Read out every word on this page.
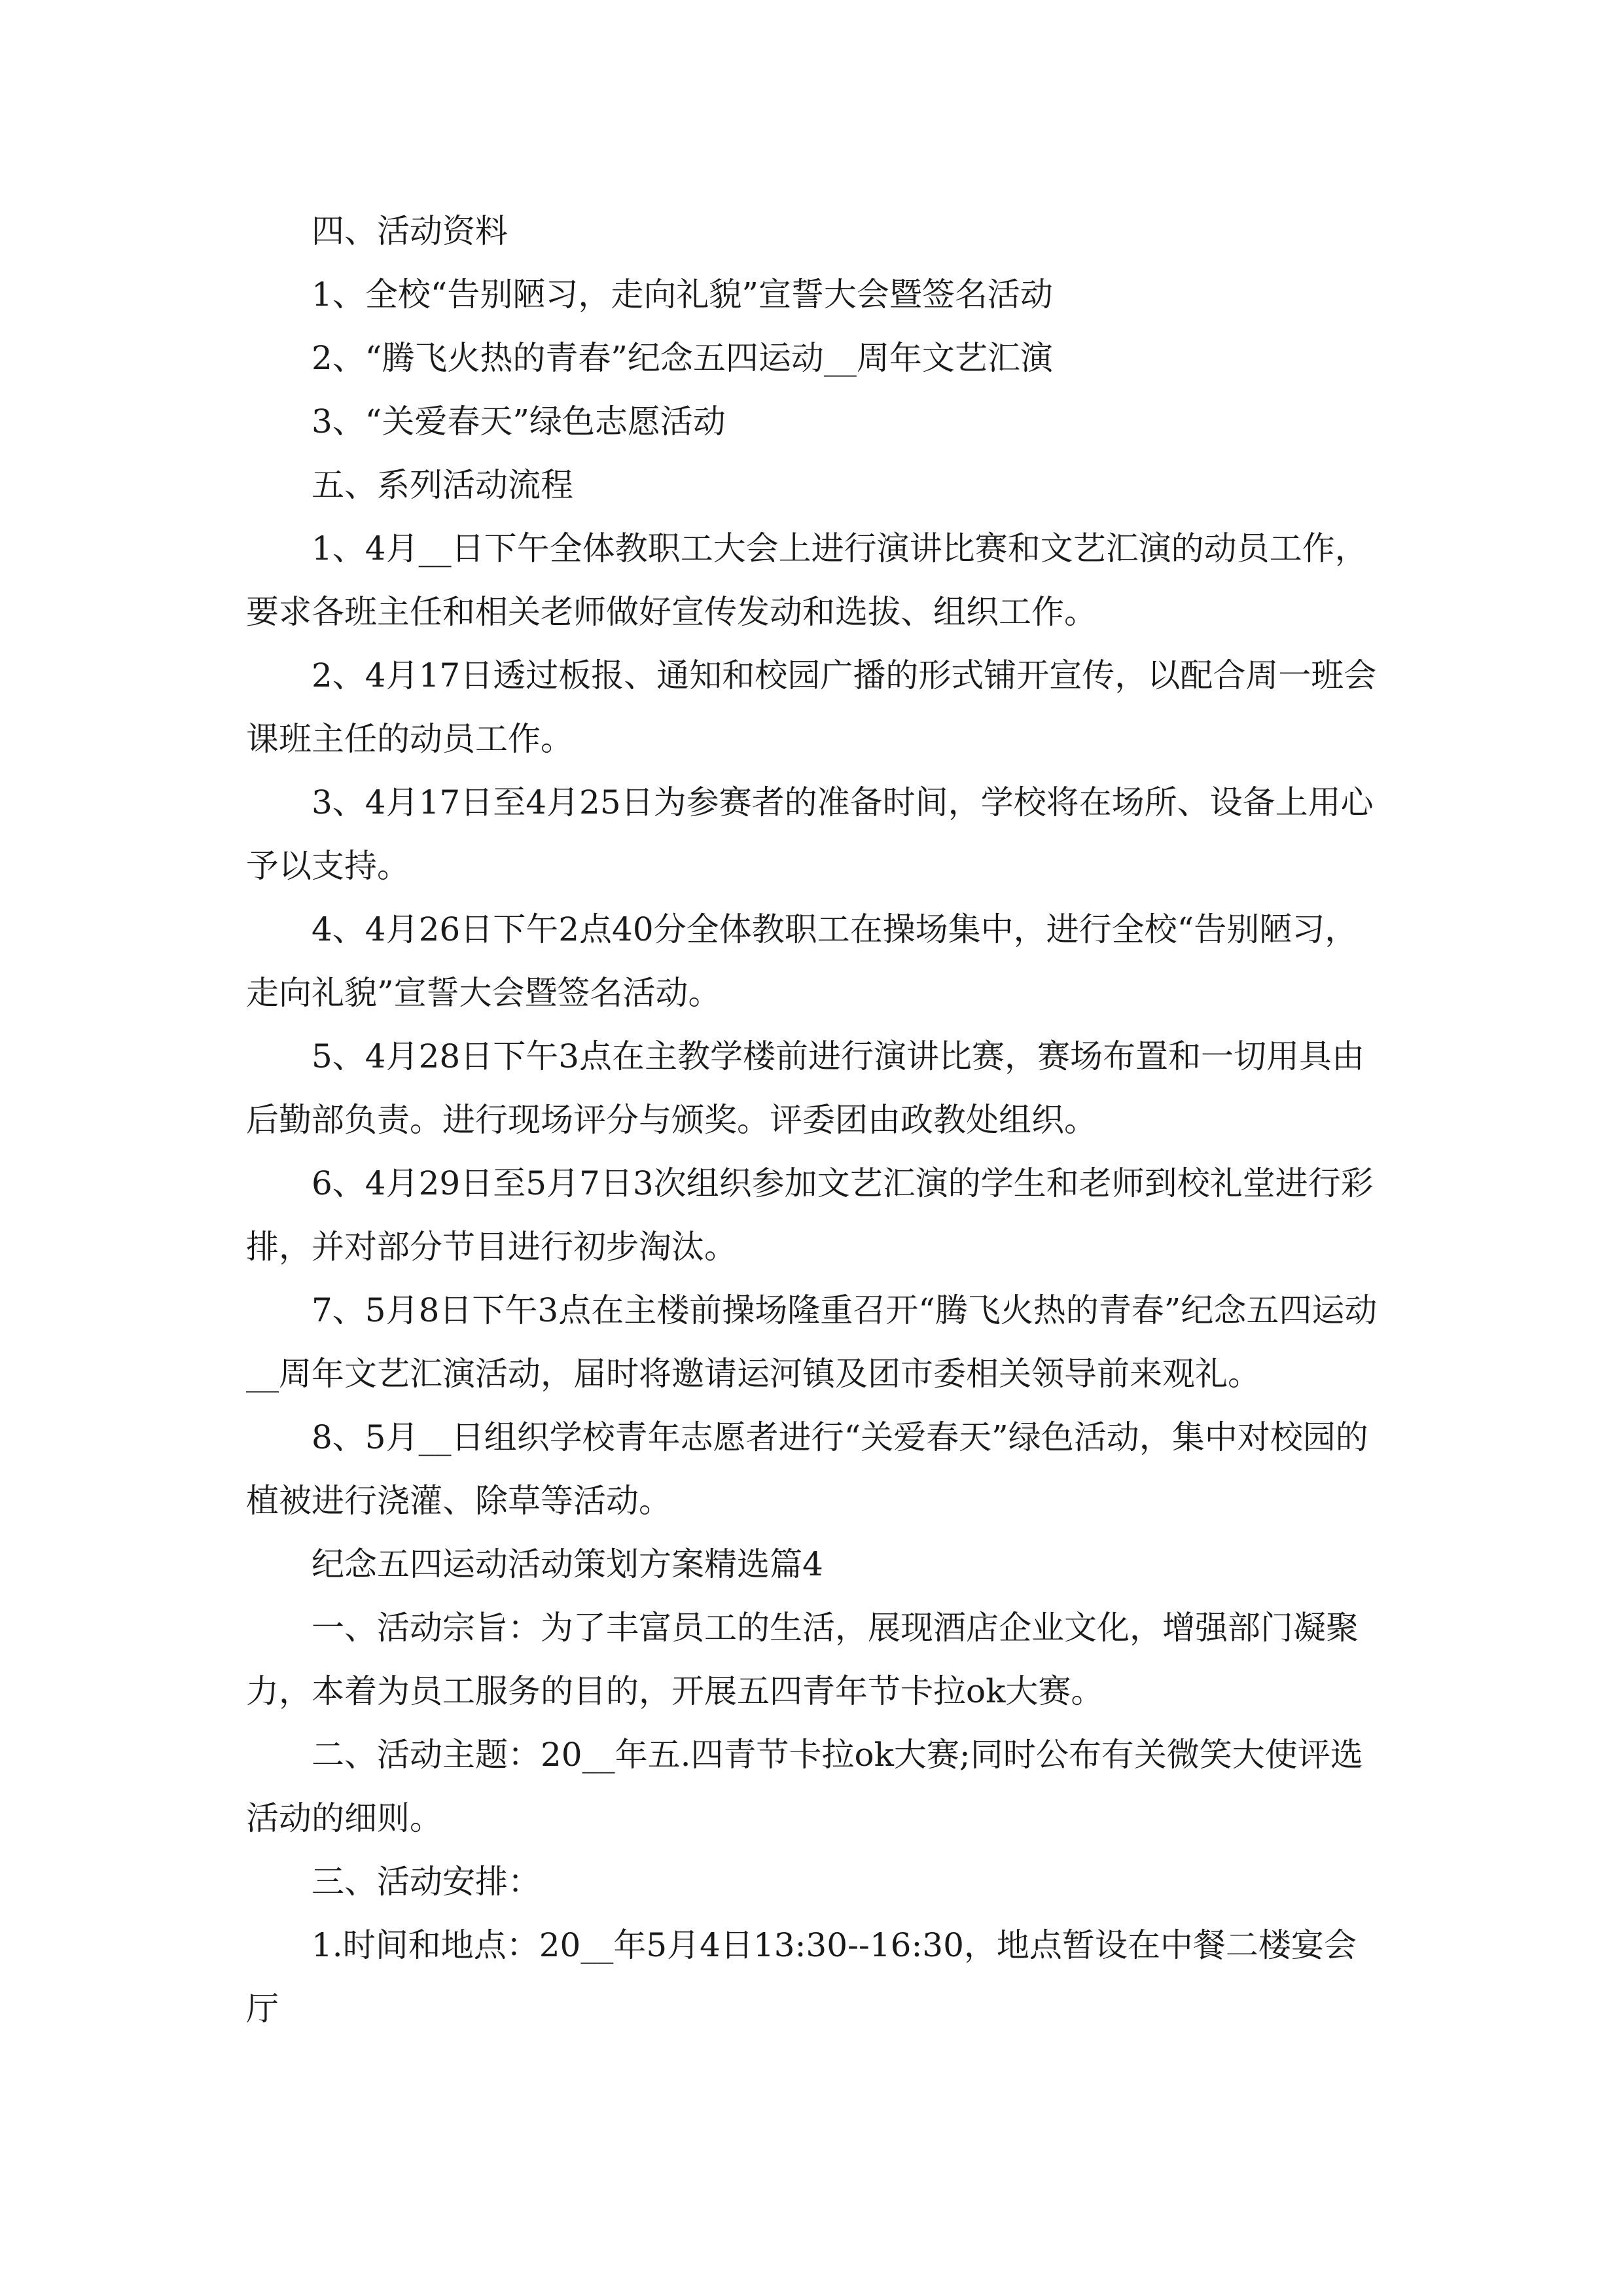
四、活动资料

1、全校“告别陋习，走向礼貌”宣誓大会暨签名活动

2、“腾飞火热的青春”纪念五四运动__周年文艺汇演

3、“关爱春天”绿色志愿活动

五、系列活动流程

1、4月__日下午全体教职工大会上进行演讲比赛和文艺汇演的动员工作，要求各班主任和相关老师做好宣传发动和选拔、组织工作。

2、4月17日透过板报、通知和校园广播的形式铺开宣传，以配合周一班会课班主任的动员工作。

3、4月17日至4月25日为参赛者的准备时间，学校将在场所、设备上用心予以支持。

4、4月26日下午2点40分全体教职工在操场集中，进行全校“告别陋习，走向礼貌”宣誓大会暨签名活动。

5、4月28日下午3点在主教学楼前进行演讲比赛，赛场布置和一切用具由后勤部负责。进行现场评分与颁奖。评委团由政教处组织。

6、4月29日至5月7日3次组织参加文艺汇演的学生和老师到校礼堂进行彩排，并对部分节目进行初步淘汰。

7、5月8日下午3点在主楼前操场隆重召开“腾飞火热的青春”纪念五四运动__周年文艺汇演活动，届时将邀请运河镇及团市委相关领导前来观礼。

8、5月__日组织学校青年志愿者进行“关爱春天”绿色活动，集中对校园的植被进行浇灌、除草等活动。

纪念五四运动活动策划方案精选篇4

一、活动宗旨：为了丰富员工的生活，展现酒店企业文化，增强部门凝聚力，本着为员工服务的目的，开展五四青年节卡拉ok大赛。

二、活动主题：20__年五.四青节卡拉ok大赛;同时公布有关微笑大使评选活动的细则。

三、活动安排：

1.时间和地点：20__年5月4日13:30--16:30，地点暂设在中餐二楼宴会厅
